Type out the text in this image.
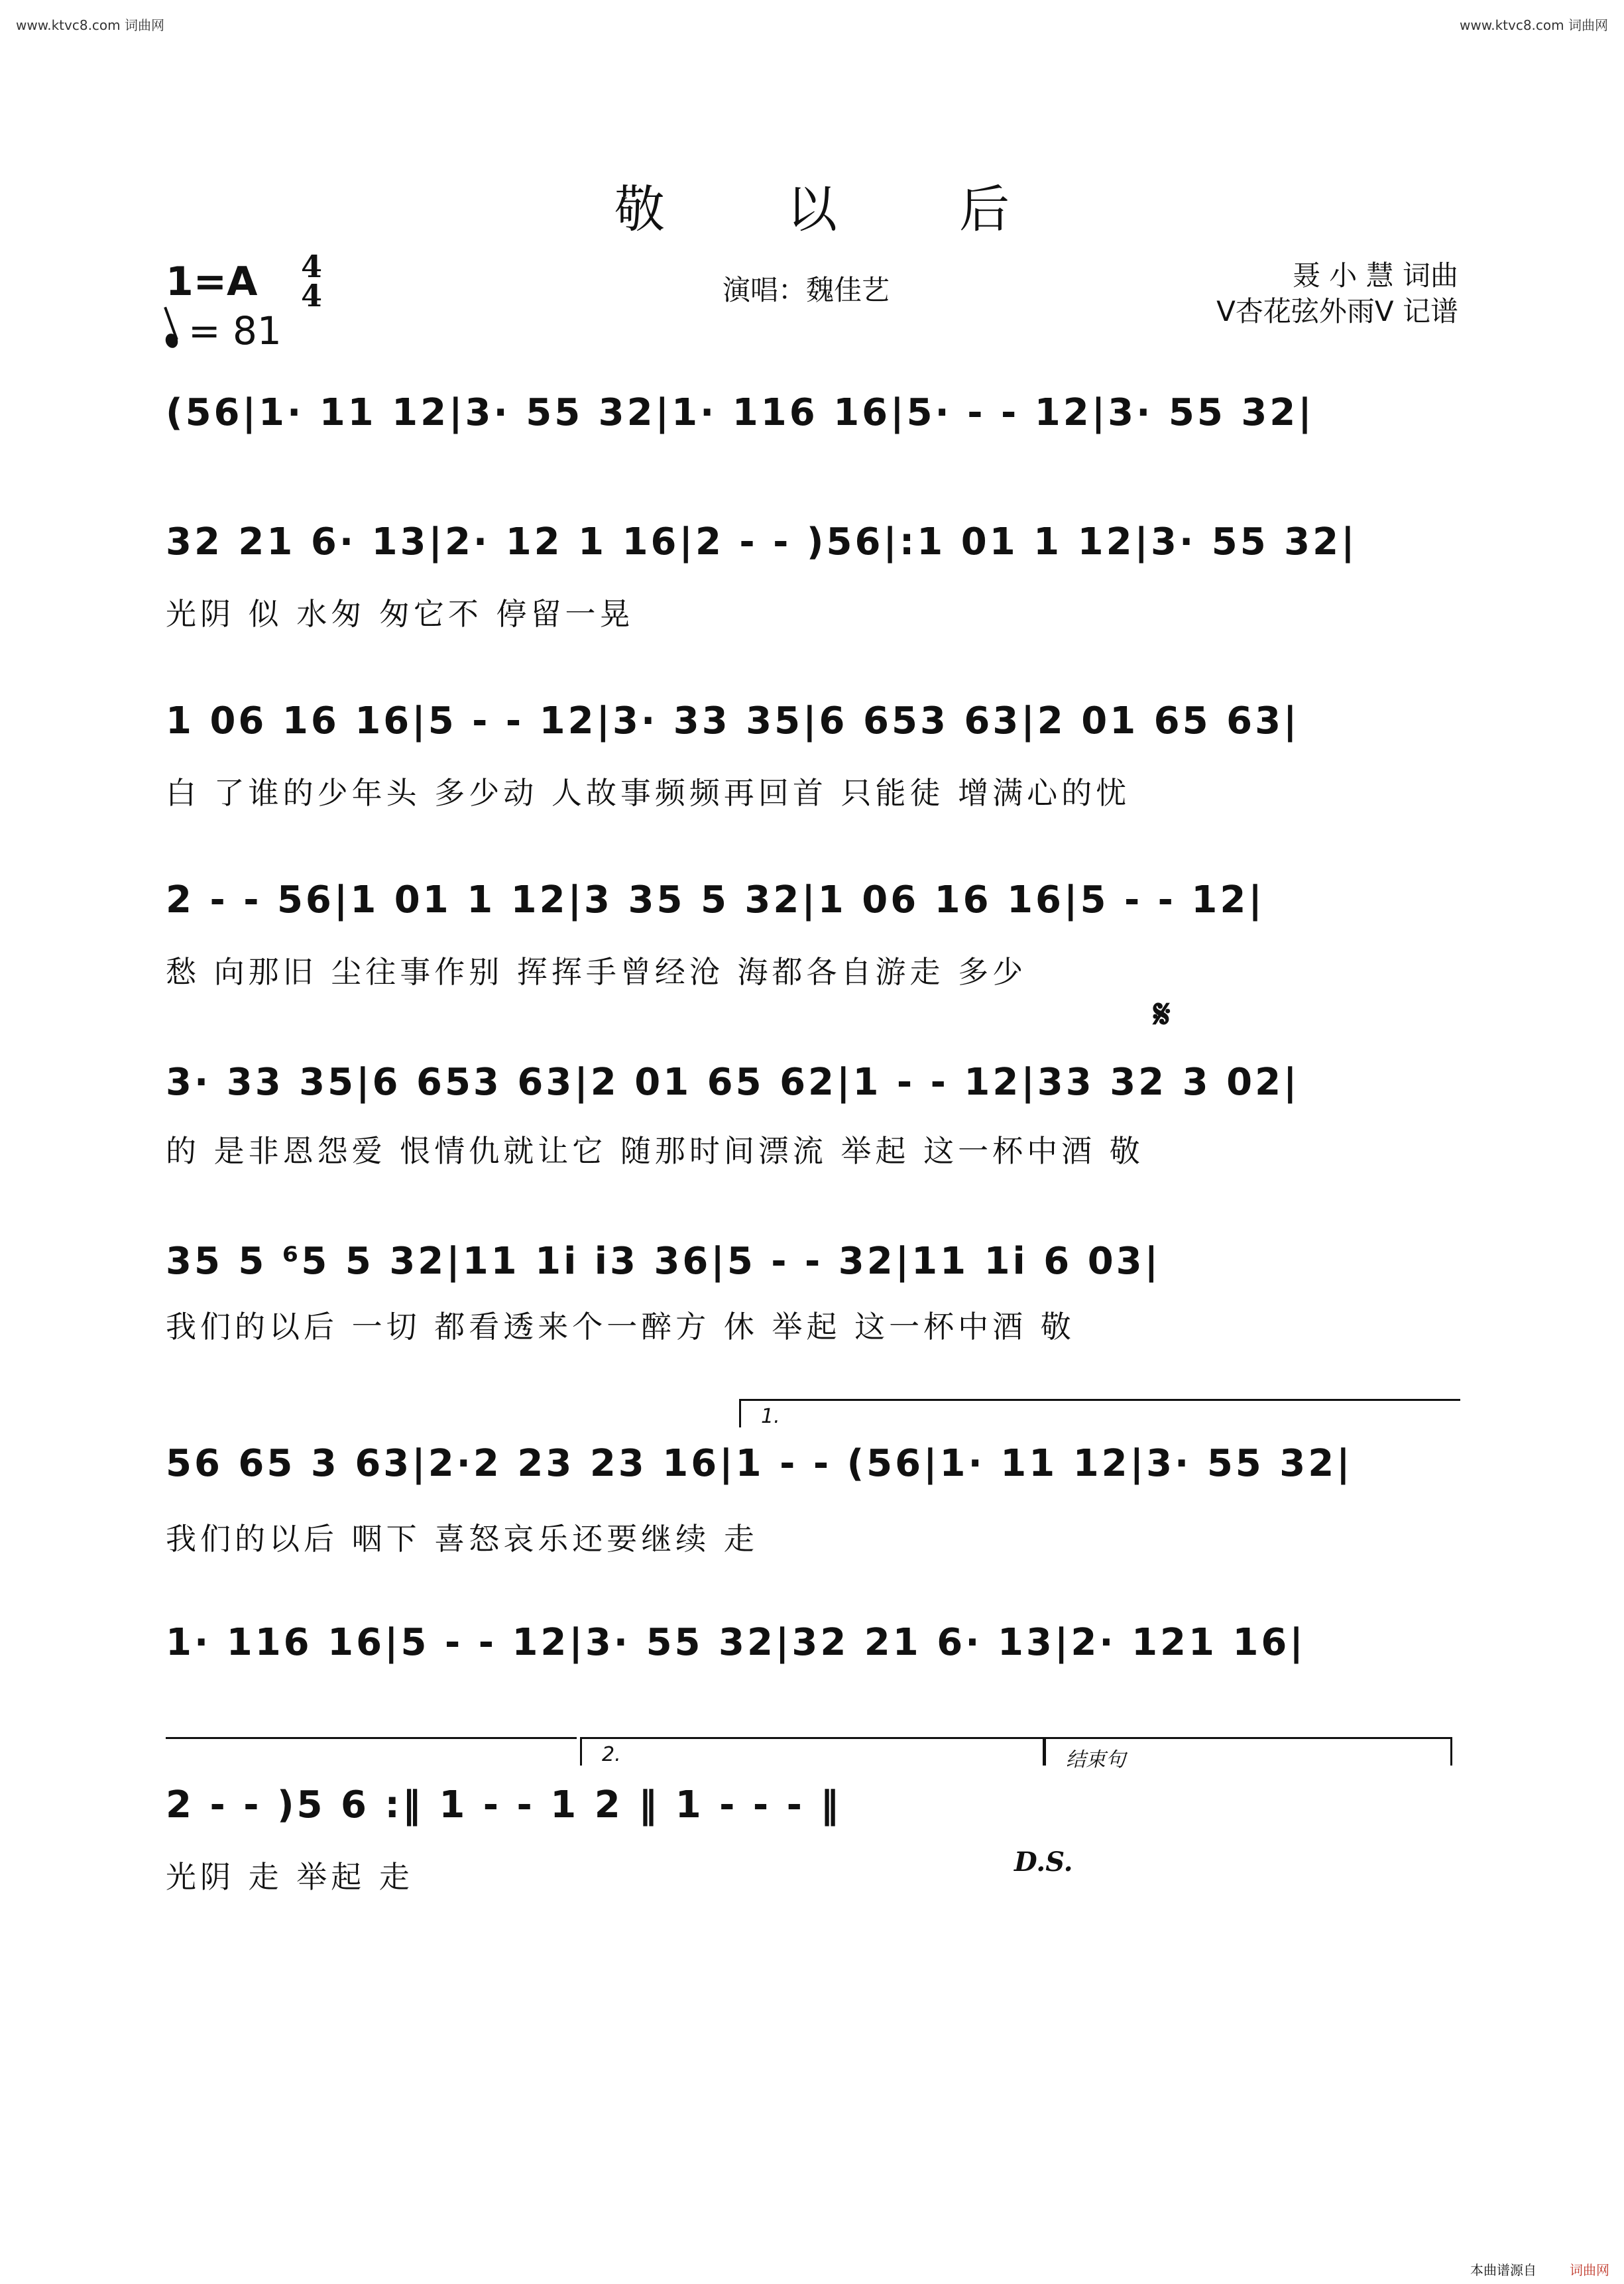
www.ktvc8.com 词曲网	www.ktvc8.com 词曲网
敬 以 后
1=A 4
4
= 81
演唱：魏佳艺	聂 小 慧 词曲
V杏花弦外雨V 记谱
(56|1· 11 12|3· 55 32|1· 116 16|5· - - 12|3· 55 32|
32 21 6· 13|2· 12 1 16|2 - - )56|:1 01 1 12|3· 55 32|
光阴 似 水匆 匆它不 停留一晃
1 06 16 16|5 - - 12|3· 33 35|6 653 63|2 01 65 63|
白 了谁的少年头 多少动 人故事频频再回首 只能徒 增满心的忧
2 - - 56|1 01 1 12|3 35 5 32|1 06 16 16|5 - - 12|
愁 向那旧 尘往事作别 挥挥手曾经沧 海都各自游走 多少
𝄋
3· 33 35|6 653 63|2 01 65 62|1 - - 12|33 32 3 02|
的 是非恩怨爱 恨情仇就让它 随那时间漂流 举起 这一杯中酒 敬
35 5 ⁶5 5 32|11 1i i3 36|5 - - 32|11 1i 6 03|
我们的以后 一切 都看透来个一醉方 休 举起 这一杯中酒 敬
1.
56 65 3 63|2·2 23 23 16|1 - - (56|1· 11 12|3· 55 32|
我们的以后 咽下 喜怒哀乐还要继续 走
1· 116 16|5 - - 12|3· 55 32|32 21 6· 13|2· 121 16|
2.	结束句
2 - - )5 6 :‖ 1 - - 1 2 ‖ 1 - - - ‖
光阴 走 举起 走	D.S.
本曲谱源自	词曲网
